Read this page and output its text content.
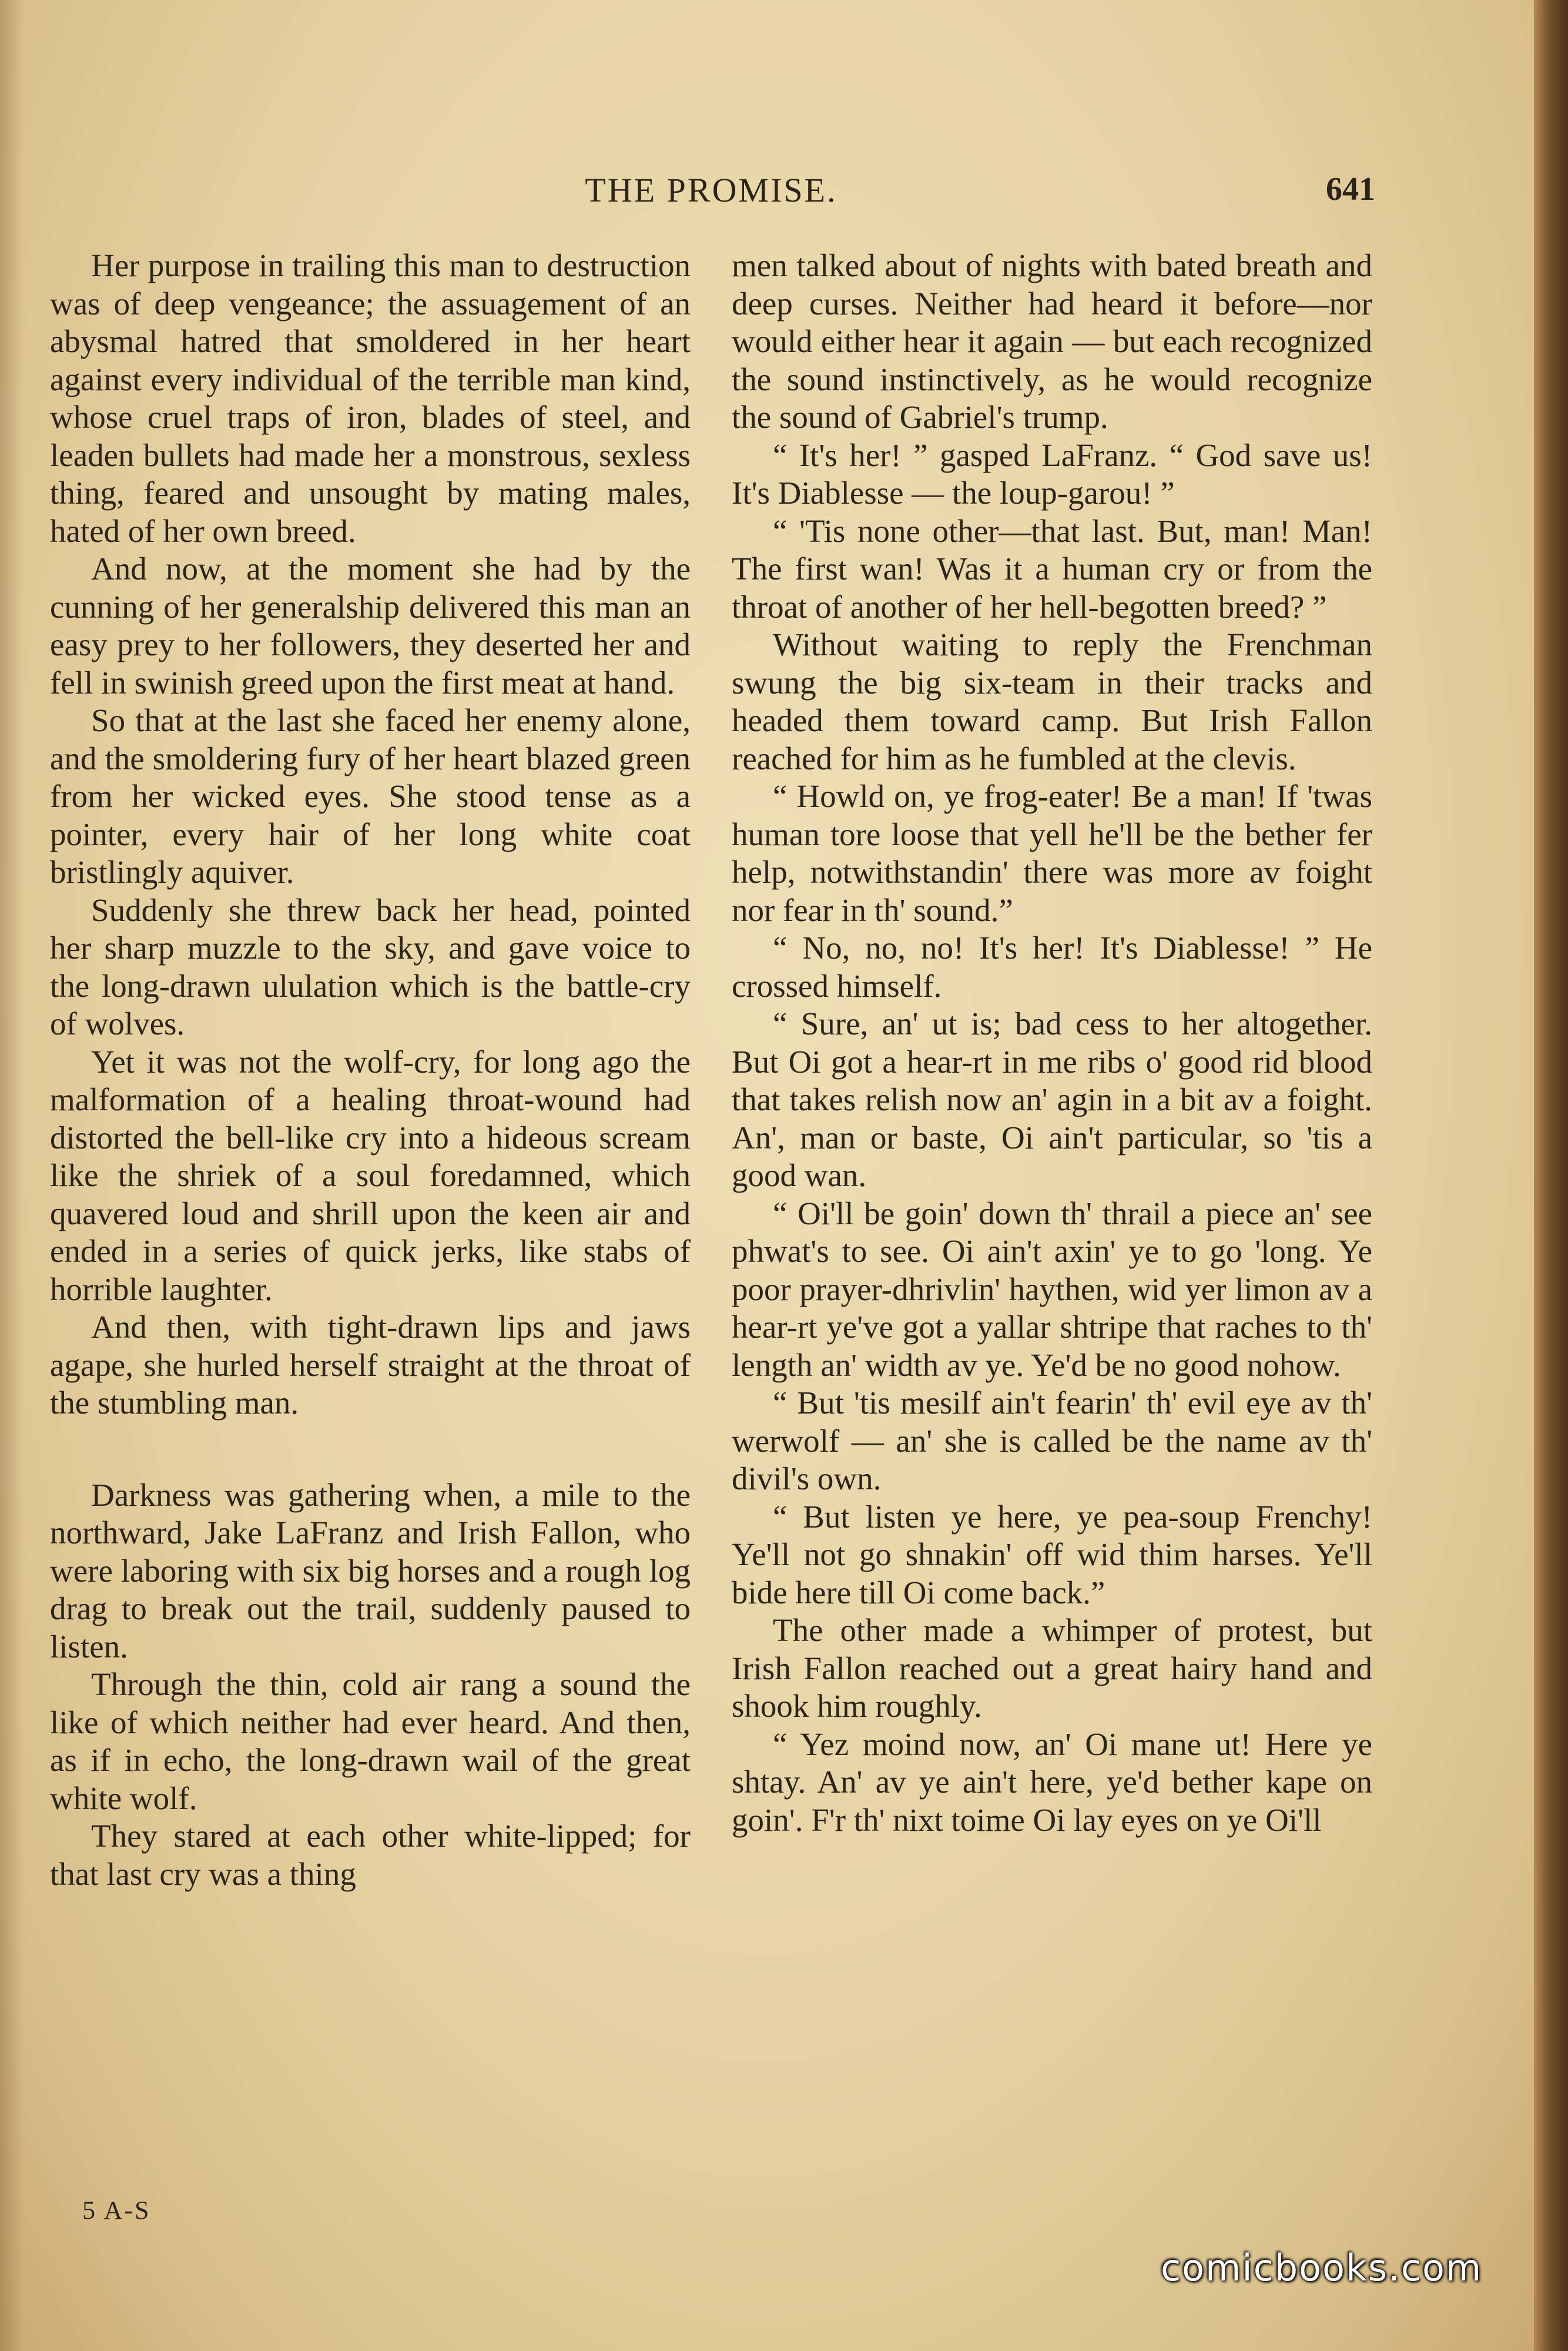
THE PROMISE.	641

Her purpose in trailing this man to destruction was of deep vengeance; the assuagement of an abysmal hatred that smoldered in her heart against every individual of the terrible man kind, whose cruel traps of iron, blades of steel, and leaden bullets had made her a monstrous, sexless thing, feared and unsought by mating males, hated of her own breed.

And now, at the moment she had by the cunning of her generalship delivered this man an easy prey to her followers, they deserted her and fell in swinish greed upon the first meat at hand.

So that at the last she faced her enemy alone, and the smoldering fury of her heart blazed green from her wicked eyes. She stood tense as a pointer, every hair of her long white coat bristlingly aquiver.

Suddenly she threw back her head, pointed her sharp muzzle to the sky, and gave voice to the long-drawn ululation which is the battle-cry of wolves.

Yet it was not the wolf-cry, for long ago the malformation of a healing throat-wound had distorted the bell-like cry into a hideous scream like the shriek of a soul foredamned, which quavered loud and shrill upon the keen air and ended in a series of quick jerks, like stabs of horrible laughter.

And then, with tight-drawn lips and jaws agape, she hurled herself straight at the throat of the stumbling man.

Darkness was gathering when, a mile to the northward, Jake LaFranz and Irish Fallon, who were laboring with six big horses and a rough log drag to break out the trail, suddenly paused to listen.

Through the thin, cold air rang a sound the like of which neither had ever heard. And then, as if in echo, the long-drawn wail of the great white wolf.

They stared at each other white-lipped; for that last cry was a thing

men talked about of nights with bated breath and deep curses. Neither had heard it before—nor would either hear it again — but each recognized the sound instinctively, as he would recognize the sound of Gabriel's trump.

“ It's her! ” gasped LaFranz. “ God save us! It's Diablesse — the loup-garou! ”

“ 'Tis none other—that last. But, man! Man! The first wan! Was it a human cry or from the throat of another of her hell-begotten breed? ”

Without waiting to reply the Frenchman swung the big six-team in their tracks and headed them toward camp. But Irish Fallon reached for him as he fumbled at the clevis.

“ Howld on, ye frog-eater! Be a man! If 'twas human tore loose that yell he'll be the bether fer help, notwithstandin' there was more av foight nor fear in th' sound.”

“ No, no, no! It's her! It's Diablesse! ” He crossed himself.

“ Sure, an' ut is; bad cess to her altogether. But Oi got a hear-rt in me ribs o' good rid blood that takes relish now an' agin in a bit av a foight. An', man or baste, Oi ain't particular, so 'tis a good wan.

“ Oi'll be goin' down th' thrail a piece an' see phwat's to see. Oi ain't axin' ye to go 'long. Ye poor prayer-dhrivlin' haythen, wid yer limon av a hear-rt ye've got a yallar shtripe that raches to th' length an' width av ye. Ye'd be no good nohow.

“ But 'tis mesilf ain't fearin' th' evil eye av th' werwolf — an' she is called be the name av th' divil's own.

“ But listen ye here, ye pea-soup Frenchy! Ye'll not go shnakin' off wid thim harses. Ye'll bide here till Oi come back.”

The other made a whimper of protest, but Irish Fallon reached out a great hairy hand and shook him roughly.

“ Yez moind now, an' Oi mane ut! Here ye shtay. An' av ye ain't here, ye'd bether kape on goin'. F'r th' nixt toime Oi lay eyes on ye Oi'll

5 A-S
comicbooks.com
